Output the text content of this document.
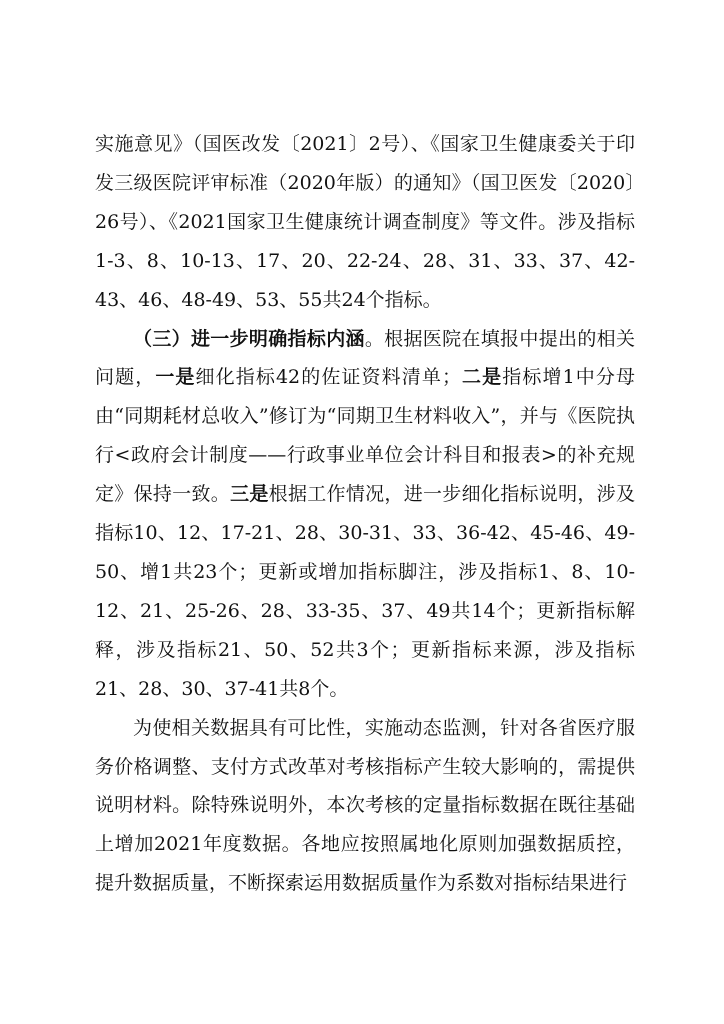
实施意见》（国医改发〔2021〕2号）、《国家卫生健康委关于印发三级医院评审标准（2020年版）的通知》（国卫医发〔2020〕26号）、《2021国家卫生健康统计调查制度》等文件。涉及指标1-3、8、10-13、17、20、22-24、28、31、33、37、42-43、46、48-49、53、55共24个指标。

（三）进一步明确指标内涵。根据医院在填报中提出的相关问题，一是细化指标42的佐证资料清单；二是指标增1中分母由“同期耗材总收入”修订为“同期卫生材料收入”，并与《医院执行<政府会计制度——行政事业单位会计科目和报表>的补充规定》保持一致。三是根据工作情况，进一步细化指标说明，涉及指标10、12、17-21、28、30-31、33、36-42、45-46、49-50、增1共23个；更新或增加指标脚注，涉及指标1、8、10-12、21、25-26、28、33-35、37、49共14个；更新指标解释，涉及指标21、50、52共3个；更新指标来源，涉及指标21、28、30、37-41共8个。

为使相关数据具有可比性，实施动态监测，针对各省医疗服务价格调整、支付方式改革对考核指标产生较大影响的，需提供说明材料。除特殊说明外，本次考核的定量指标数据在既往基础上增加2021年度数据。各地应按照属地化原则加强数据质控，提升数据质量，不断探索运用数据质量作为系数对指标结果进行
